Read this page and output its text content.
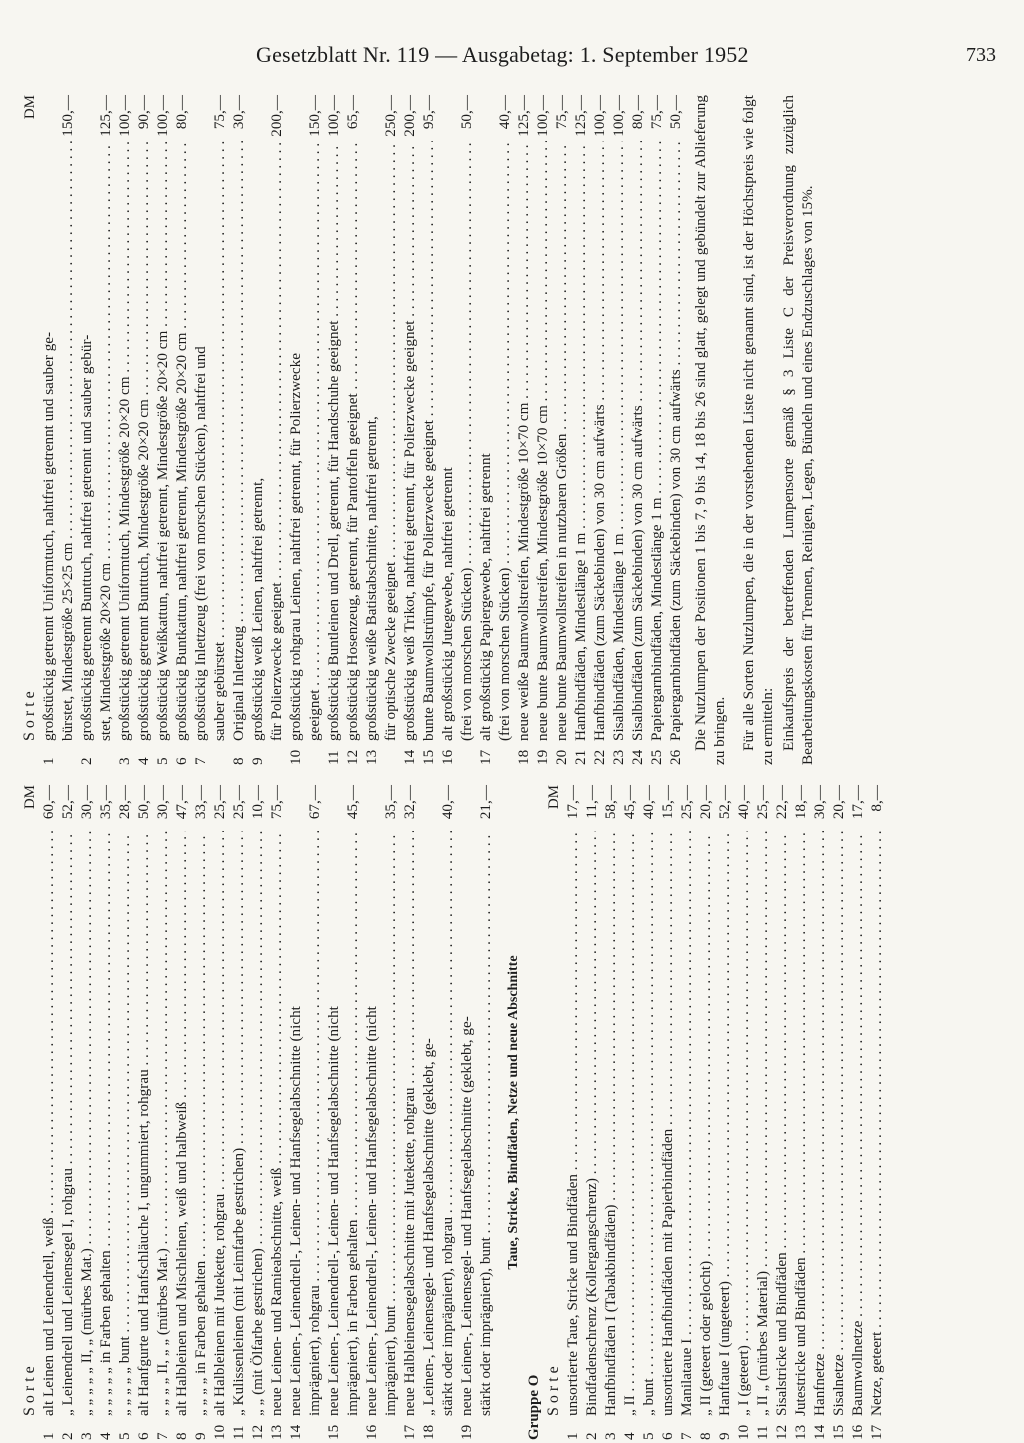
Gesetzblatt Nr. 119 — Ausgabetag: 1. September 1952	733
Sorte
DM
1
alt Leinen und Leinendrell, weiß . . .
60,—
2
„ Leinendrell und Leinensegel I, rohgrau . . .
52,—
3
„ „ „ „ „ II, „ (mürbes Mat.) . . .
30,—
4
„ „ „ „ „ in Farben gehalten . . .
35,—
5
„ „ „ „ „ bunt . . .
28,—
6
alt Hanfgurte und Hanfschläuche I, ungummiert, rohgrau . . .
50,—
7
„ „ „ „ II, „ „ (mürbes Mat.) . . .
30,—
8
alt Halbleinen und Mischleinen, weiß und halbweiß . . .
47,—
9
„ „ „ „ in Farben gehalten . . .
33,—
10
alt Halbleinen mit Jutekette, rohgrau . . .
25,—
11
„ Kulissenleinen (mit Leimfarbe gestrichen) . . .
25,—
12
„ „ (mit Ölfarbe gestrichen) . . .
10,—
13
neue Leinen- und Ramieabschnitte, weiß . . .
75,—
14
neue Leinen-, Leinendrell-, Leinen- und Hanfsegelabschnitte (nicht imprägniert), rohgrau . . .
67,—
15
neue Leinen-, Leinendrell-, Leinen- und Hanfsegelabschnitte (nicht imprägniert), in Farben gehalten . . .
45,—
16
neue Leinen-, Leinendrell-, Leinen- und Hanfsegelabschnitte (nicht imprägniert), bunt . . .
35,—
17
neue Halbleinensegelabschnitte mit Jutekette, rohgrau . . .
32,—
18
„ Leinen-, Leinensegel- und Hanfsegelabschnitte (geklebt, ge- stärkt oder imprägniert), rohgrau . . .
40,—
19
neue Leinen-, Leinensegel- und Hanfsegelabschnitte (geklebt, ge- stärkt oder imprägniert), bunt . . .
21,—
Taue, Stricke, Bindfäden, Netze und neue Abschnitte
Gruppe O Sorte
DM
1
unsortierte Taue, Stricke und Bindfäden . . .
17,—
2
Bindfadenschrenz (Kollergangschrenz) . . .
11,—
3
Hanfbindfäden I (Tabakbindfäden) . . .
58,—
4
„ II . . .
45,—
5
„ bunt . . .
40,—
6
unsortierte Hanfbindfäden mit Papierbindfäden . . .
15,—
7
Manilataue I . . .
25,—
8
„ II (geteert oder gelocht) . . .
20,—
9
Hanftaue I (ungeteert) . . .
52,—
10
„ I (geteert) . . .
40,—
11
„ II „ (mürbes Material) . . .
25,—
12
Sisalstricke und Bindfäden . . .
22,—
13
Jutestricke und Bindfäden . . .
18,—
14
Hanfnetze . . .
30,—
15
Sisalnetze . . .
20,—
16
Baumwollnetze . . .
17,—
17
Netze, geteert . . .
8,—
Sorte
DM
1
großstückig getrennt Uniformtuch, nahtfrei getrennt und sauber ge- bürstet, Mindestgröße 25×25 cm . . .
150,—
2
großstückig getrennt Bunttuch, nahtfrei getrennt und sauber gebür- stet, Mindestgröße 20×20 cm . . .
125,—
3
großstückig getrennt Uniformtuch, Mindestgröße 20×20 cm . . .
100,—
4
großstückig getrennt Bunttuch, Mindestgröße 20×20 cm . . .
90,—
5
großstückig Weißkattun, nahtfrei getrennt, Mindestgröße 20×20 cm . . .
100,—
6
großstückig Buntkattun, nahtfrei getrennt, Mindestgröße 20×20 cm . . .
80,—
7
großstückig Inlettzeug (frei von morschen Stücken), nahtfrei und sauber gebürstet . . .
75,—
8
Original Inlettzeug . . .
30,—
9
großstückig weiß Leinen, nahtfrei getrennt, für Polierzwecke geeignet . . .
200,—
10
großstückig rohgrau Leinen, nahtfrei getrennt, für Polierzwecke geeignet . . .
150,—
11
großstückig Buntleinen und Drell, getrennt, für Handschuhe geeignet . . .
100,—
12
großstückig Hosenzeug, getrennt, für Pantoffeln geeignet . . .
65,—
13
großstückig weiße Batistabschnitte, nahtfrei getrennt, für optische Zwecke geeignet . . .
250,—
14
großstückig weiß Trikot, nahtfrei getrennt, für Polierzwecke geeignet . . .
200,—
15
bunte Baumwollstrümpfe, für Polierzwecke geeignet . . .
95,—
16
alt großstückig Jutegewebe, nahtfrei getrennt (frei von morschen Stücken) . . .
50,—
17
alt großstückig Papiergewebe, nahtfrei getrennt (frei von morschen Stücken) . . .
40,—
18
neue weiße Baumwollstreifen, Mindestgröße 10×70 cm . . .
125,—
19
neue bunte Baumwollstreifen, Mindestgröße 10×70 cm . . .
100,—
20
neue bunte Baumwollstreifen in nutzbaren Größen . . .
75,—
21
Hanfbindfäden, Mindestlänge 1 m . . .
125,—
22
Hanfbindfäden (zum Säckebinden) von 30 cm aufwärts . . .
100,—
23
Sisalbindfäden, Mindestlänge 1 m . . .
100,—
24
Sisalbindfäden (zum Säckebinden) von 30 cm aufwärts . . .
80,—
25
Papiergarnbindfäden, Mindestlänge 1 m . . .
75,—
26
Papiergarnbindfäden (zum Säckebinden) von 30 cm aufwärts . . .
50,— Die Nutzlumpen der Positionen 1 bis 7, 9 bis 14, 18 bis 26 sind glatt, gelegt und gebündelt zur Ablieferung zu bringen. Für alle Sorten Nutzlumpen, die in der vorstehenden Liste nicht genannt sind, ist der Höchstpreis wie folgt zu ermitteln: Einkaufspreis der betreffenden Lumpensorte gemäß § 3 Liste C der Preisverordnung zuzüglich Bearbeitungskosten für Trennen, Reinigen, Legen, Bündeln und eines Endzuschlages von 15%.
